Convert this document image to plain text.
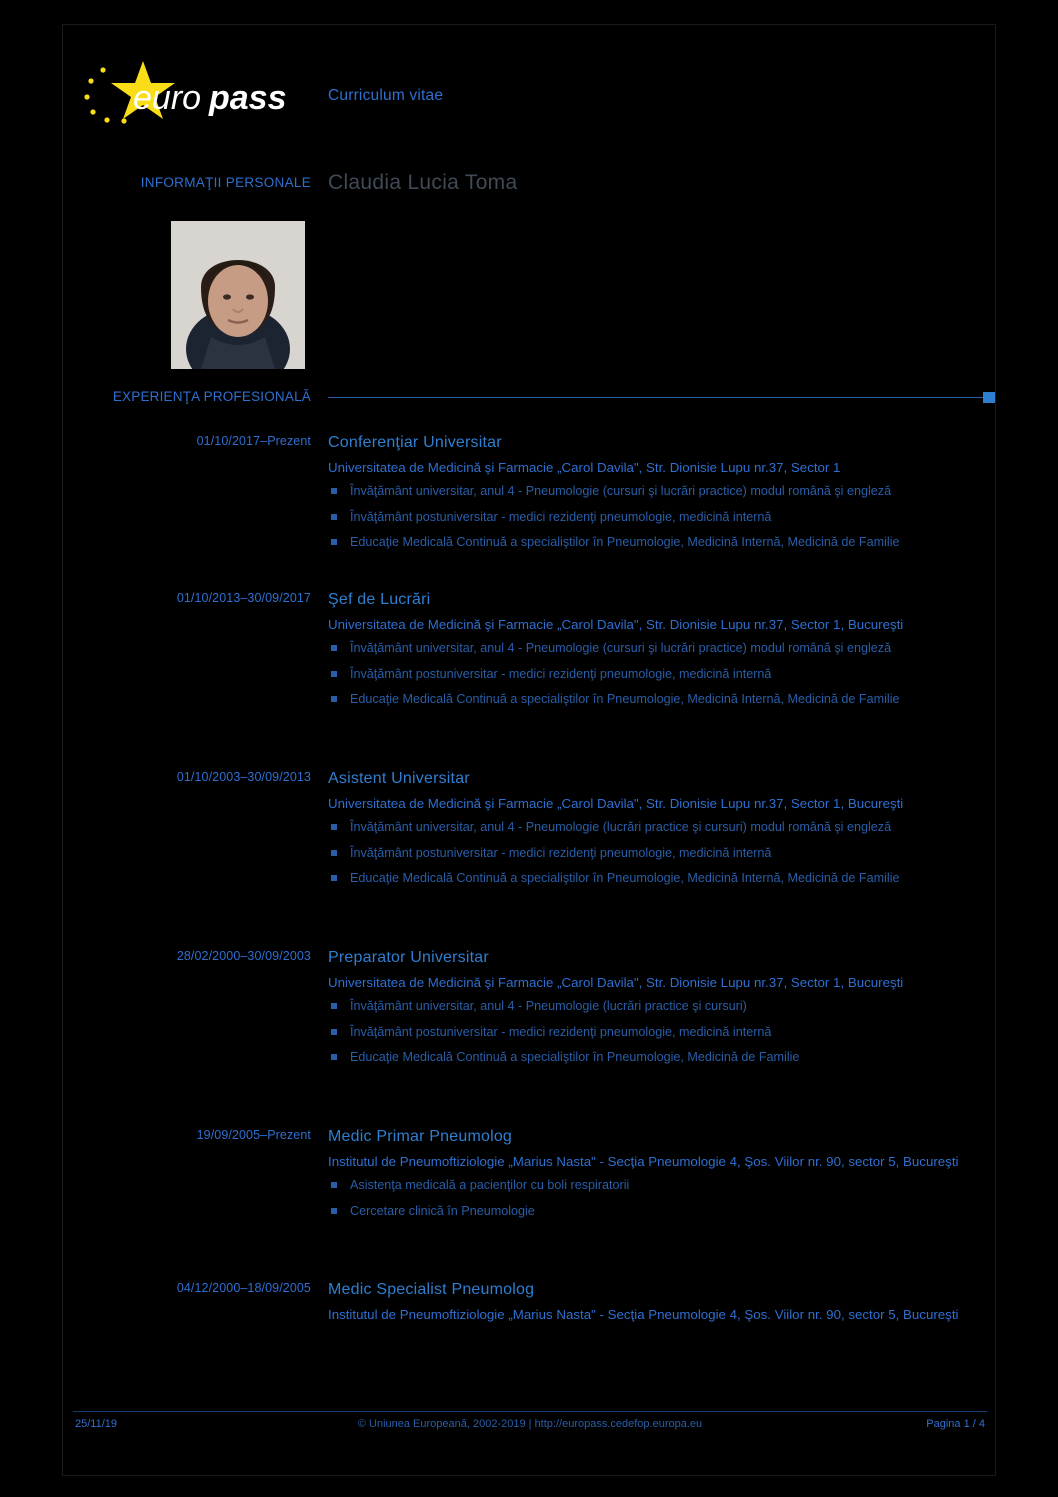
euro pass	Curriculum vitae
INFORMAŢII PERSONALE Claudia Lucia Toma
EXPERIENŢA PROFESIONALĂ
01/10/2017–Prezent Conferenţiar Universitar
Universitatea de Medicină şi Farmacie „Carol Davila", Str. Dionisie Lupu nr.37, Sector 1
Învăţământ universitar, anul 4 - Pneumologie (cursuri şi lucrări practice) modul română şi engleză
Învăţământ postuniversitar - medici rezidenţi pneumologie, medicină internă
Educaţie Medicală Continuă a specialiştilor în Pneumologie, Medicină Internă, Medicină de Familie
01/10/2013–30/09/2017 Şef de Lucrări
Universitatea de Medicină şi Farmacie „Carol Davila", Str. Dionisie Lupu nr.37, Sector 1, Bucureşti
Învăţământ universitar, anul 4 - Pneumologie (cursuri şi lucrări practice) modul română şi engleză
Învăţământ postuniversitar - medici rezidenţi pneumologie, medicină internă
Educaţie Medicală Continuă a specialiştilor în Pneumologie, Medicină Internă, Medicină de Familie
01/10/2003–30/09/2013 Asistent Universitar
Universitatea de Medicină şi Farmacie „Carol Davila", Str. Dionisie Lupu nr.37, Sector 1, Bucureşti
Învăţământ universitar, anul 4 - Pneumologie (lucrări practice şi cursuri) modul română şi engleză
Învăţământ postuniversitar - medici rezidenţi pneumologie, medicină internă
Educaţie Medicală Continuă a specialiştilor în Pneumologie, Medicină Internă, Medicină de Familie
28/02/2000–30/09/2003 Preparator Universitar
Universitatea de Medicină şi Farmacie „Carol Davila", Str. Dionisie Lupu nr.37, Sector 1, Bucureşti
Învăţământ universitar, anul 4 - Pneumologie (lucrări practice şi cursuri)
Învăţământ postuniversitar - medici rezidenţi pneumologie, medicină internă
Educaţie Medicală Continuă a specialiştilor în Pneumologie, Medicină de Familie
19/09/2005–Prezent Medic Primar Pneumolog
Institutul de Pneumoftiziologie „Marius Nasta" - Secţia Pneumologie 4, Şos. Viilor nr. 90, sector 5, Bucureşti
Asistenţa medicală a pacienţilor cu boli respiratorii
Cercetare clinică în Pneumologie
04/12/2000–18/09/2005 Medic Specialist Pneumolog
Institutul de Pneumoftiziologie „Marius Nasta" - Secţia Pneumologie 4, Şos. Viilor nr. 90, sector 5, Bucureşti
25/11/19	© Uniunea Europeană, 2002-2019 | http://europass.cedefop.europa.eu	Pagina 1 / 4
